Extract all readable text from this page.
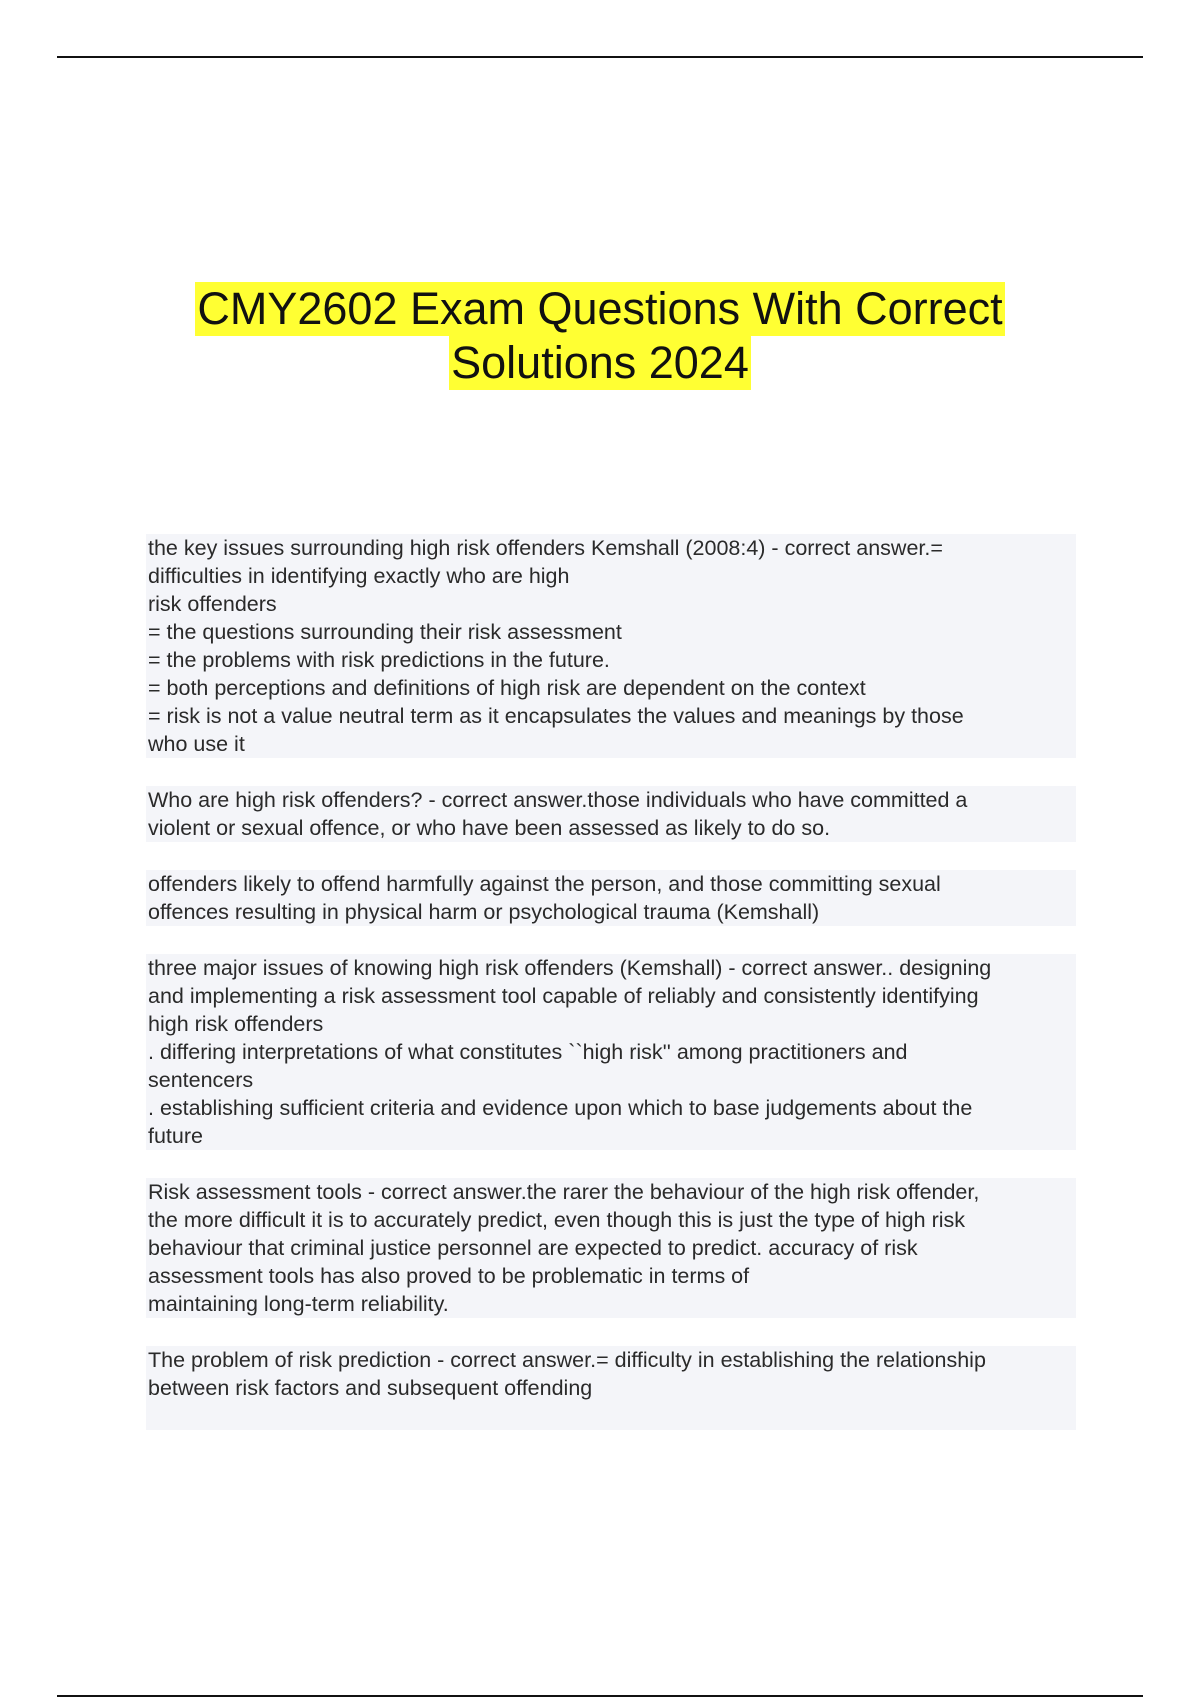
CMY2602 Exam Questions With Correct
Solutions 2024
the key issues surrounding high risk offenders Kemshall (2008:4) - correct answer.=
difficulties in identifying exactly who are high
risk offenders
= the questions surrounding their risk assessment
= the problems with risk predictions in the future.
= both perceptions and definitions of high risk are dependent on the context
= risk is not a value neutral term as it encapsulates the values and meanings by those
who use it
Who are high risk offenders? - correct answer.those individuals who have committed a
violent or sexual offence, or who have been assessed as likely to do so.
offenders likely to offend harmfully against the person, and those committing sexual
offences resulting in physical harm or psychological trauma (Kemshall)
three major issues of knowing high risk offenders (Kemshall) - correct answer.. designing
and implementing a risk assessment tool capable of reliably and consistently identifying
high risk offenders
. differing interpretations of what constitutes ``high risk'' among practitioners and
sentencers
. establishing sufficient criteria and evidence upon which to base judgements about the
future
Risk assessment tools - correct answer.the rarer the behaviour of the high risk offender,
the more difficult it is to accurately predict, even though this is just the type of high risk
behaviour that criminal justice personnel are expected to predict. accuracy of risk
assessment tools has also proved to be problematic in terms of
maintaining long-term reliability.
The problem of risk prediction - correct answer.= difficulty in establishing the relationship
between risk factors and subsequent offending
